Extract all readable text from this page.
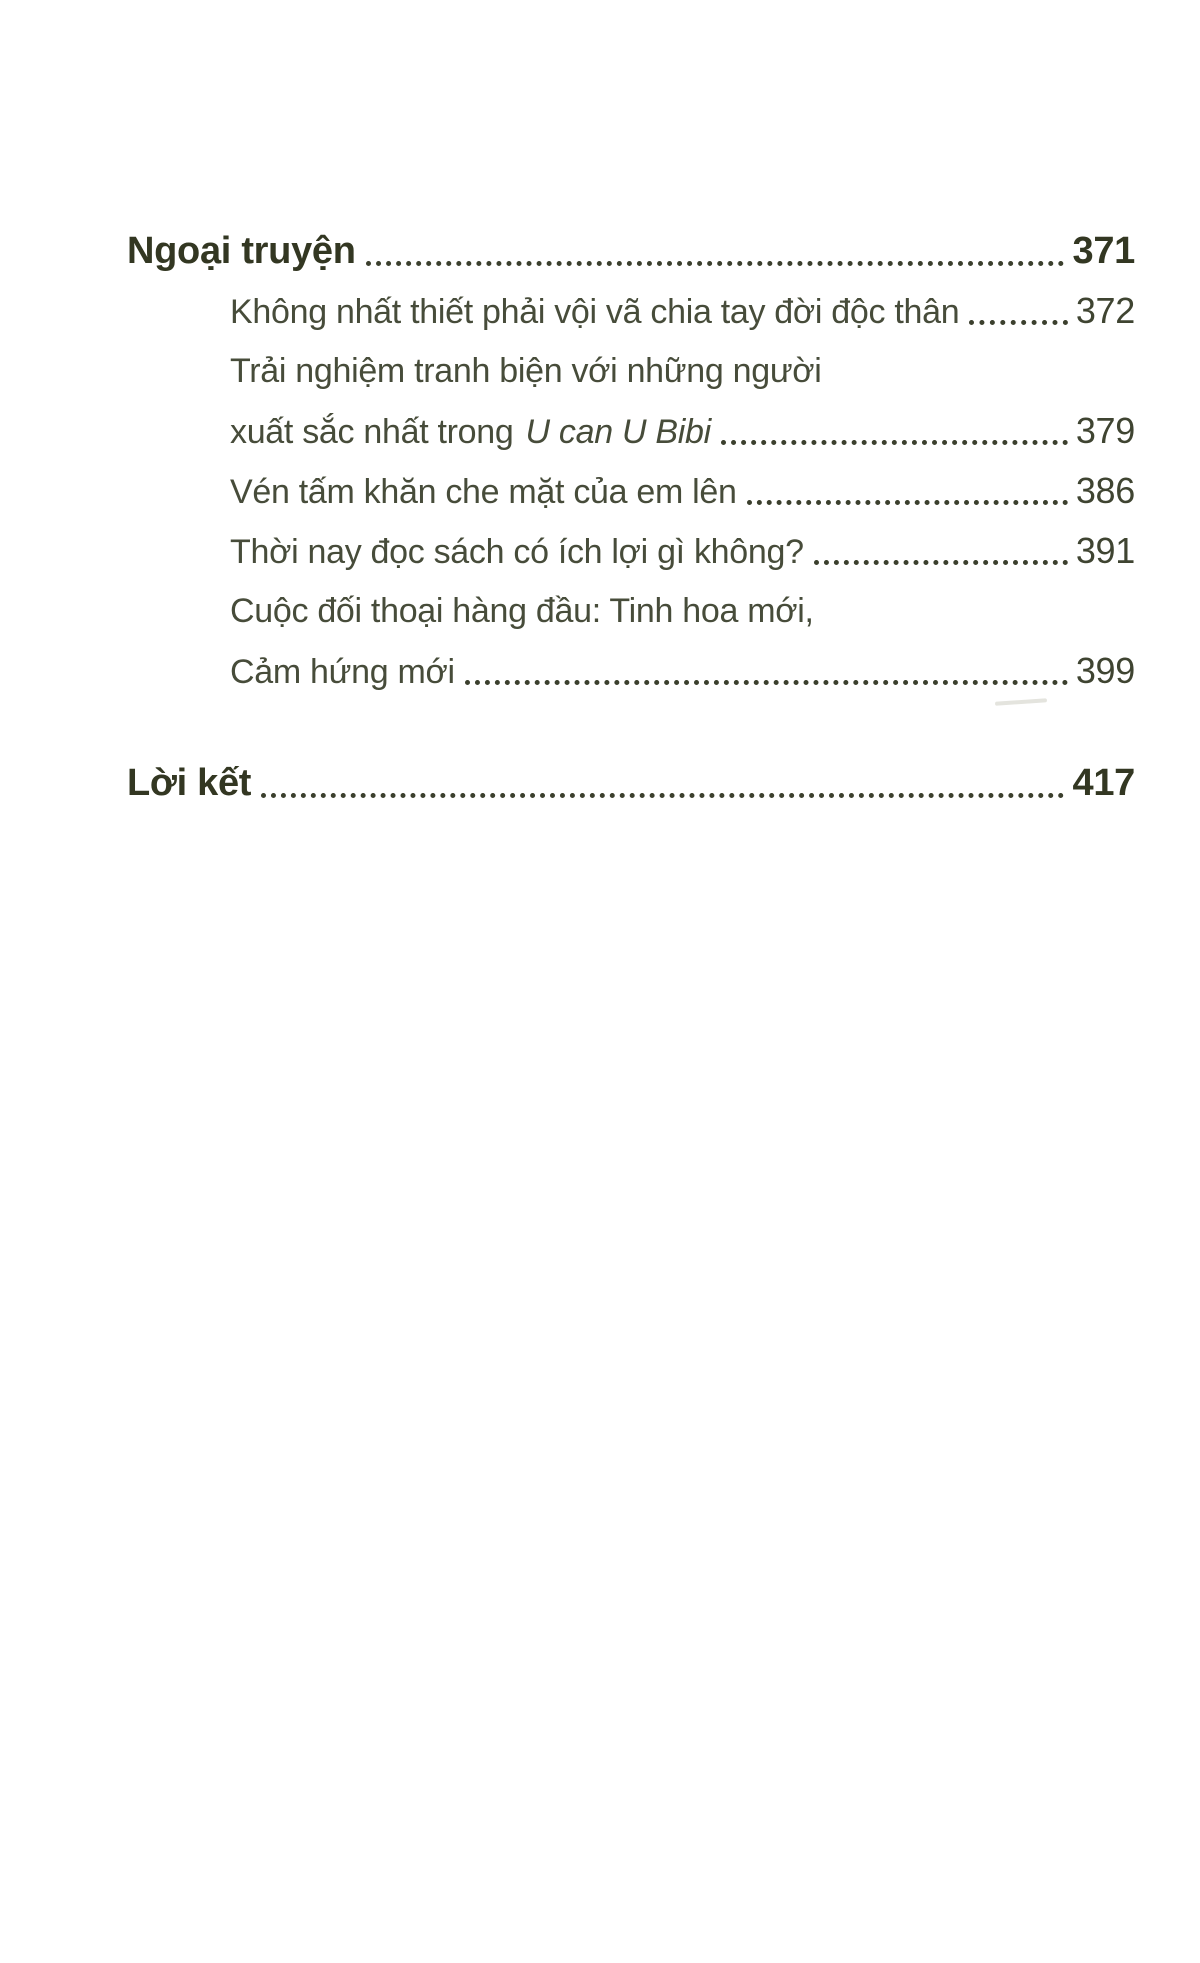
Ngoại truyện	371
Không nhất thiết phải vội vã chia tay đời độc thân	372
Trải nghiệm tranh biện với những người
xuất sắc nhất trong U can U Bibi	379
Vén tấm khăn che mặt của em lên	386
Thời nay đọc sách có ích lợi gì không?	391
Cuộc đối thoại hàng đầu: Tinh hoa mới,
Cảm hứng mới	399
Lời kết	417
